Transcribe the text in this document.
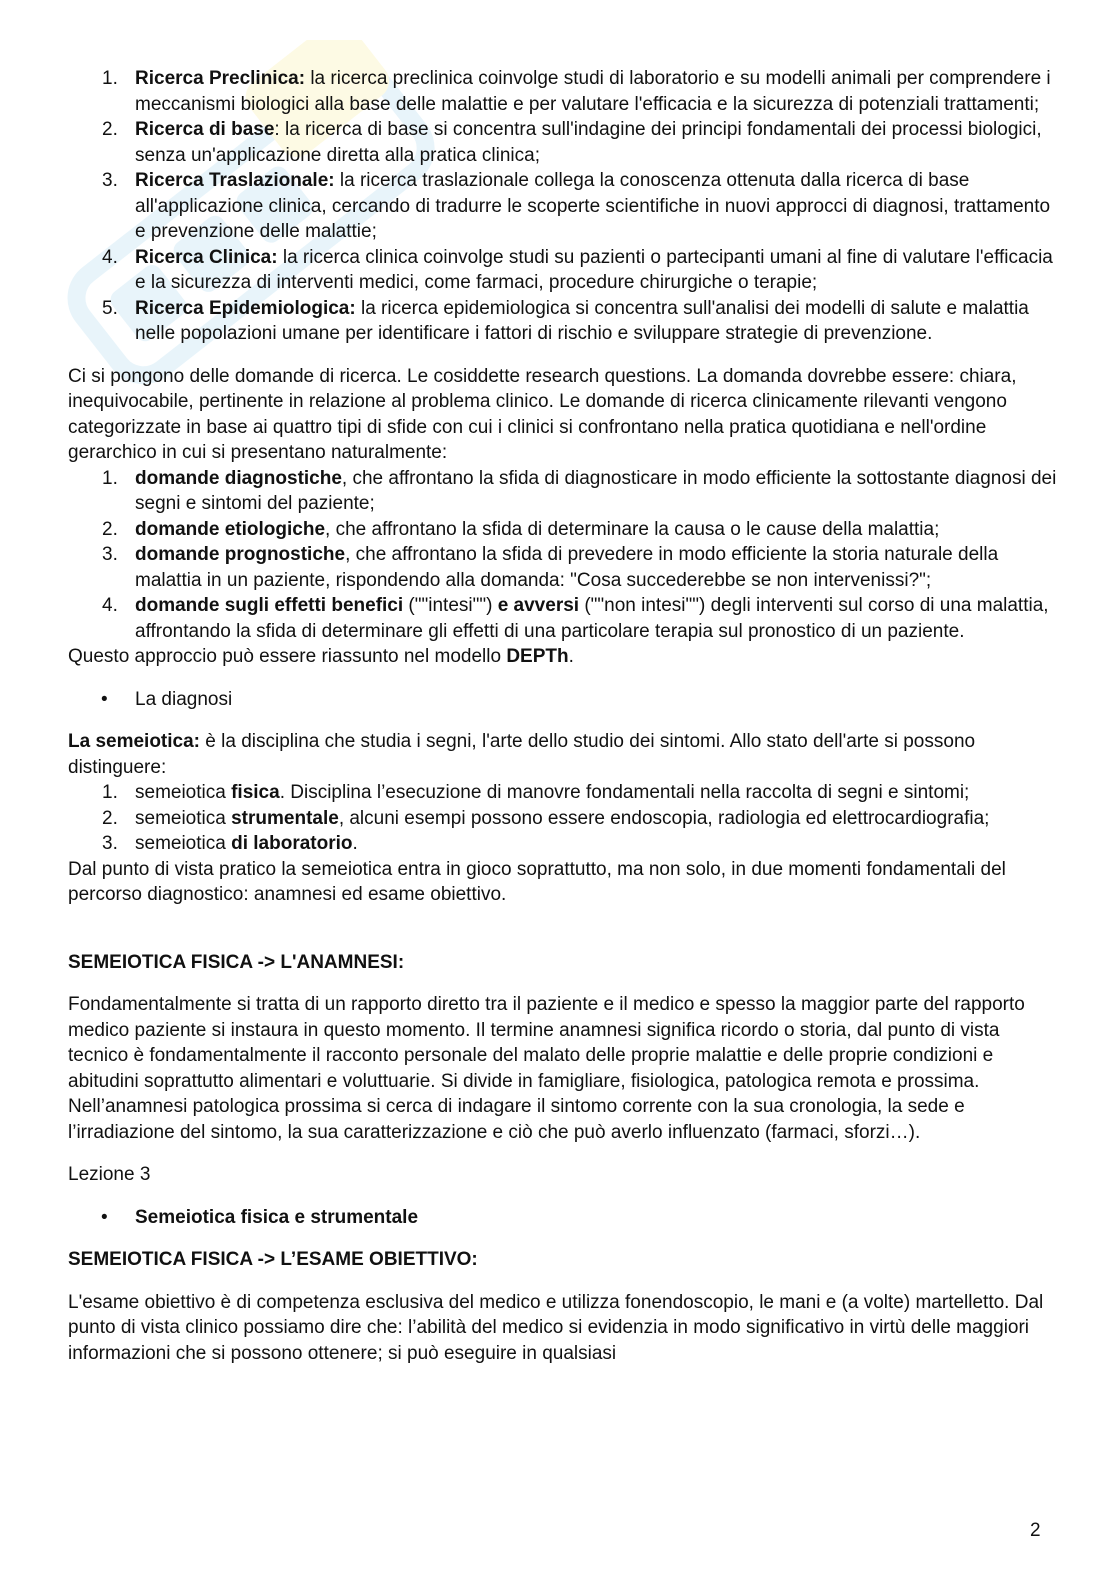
1. Ricerca Preclinica: la ricerca preclinica coinvolge studi di laboratorio e su modelli animali per comprendere i meccanismi biologici alla base delle malattie e per valutare l'efficacia e la sicurezza di potenziali trattamenti;
2. Ricerca di base: la ricerca di base si concentra sull'indagine dei principi fondamentali dei processi biologici, senza un'applicazione diretta alla pratica clinica;
3. Ricerca Traslazionale: la ricerca traslazionale collega la conoscenza ottenuta dalla ricerca di base all'applicazione clinica, cercando di tradurre le scoperte scientifiche in nuovi approcci di diagnosi, trattamento e prevenzione delle malattie;
4. Ricerca Clinica: la ricerca clinica coinvolge studi su pazienti o partecipanti umani al fine di valutare l'efficacia e la sicurezza di interventi medici, come farmaci, procedure chirurgiche o terapie;
5. Ricerca Epidemiologica: la ricerca epidemiologica si concentra sull'analisi dei modelli di salute e malattia nelle popolazioni umane per identificare i fattori di rischio e sviluppare strategie di prevenzione.

Ci si pongono delle domande di ricerca. Le cosiddette research questions. La domanda dovrebbe essere: chiara, inequivocabile, pertinente in relazione al problema clinico. Le domande di ricerca clinicamente rilevanti vengono categorizzate in base ai quattro tipi di sfide con cui i clinici si confrontano nella pratica quotidiana e nell'ordine gerarchico in cui si presentano naturalmente:

1. domande diagnostiche, che affrontano la sfida di diagnosticare in modo efficiente la sottostante diagnosi dei segni e sintomi del paziente;
2. domande etiologiche, che affrontano la sfida di determinare la causa o le cause della malattia;
3. domande prognostiche, che affrontano la sfida di prevedere in modo efficiente la storia naturale della malattia in un paziente, rispondendo alla domanda: "Cosa succederebbe se non intervenissi?";
4. domande sugli effetti benefici (""intesi"") e avversi (""non intesi"") degli interventi sul corso di una malattia, affrontando la sfida di determinare gli effetti di una particolare terapia sul pronostico di un paziente.

Questo approccio può essere riassunto nel modello DEPTh.

• La diagnosi

La semeiotica: è la disciplina che studia i segni, l'arte dello studio dei sintomi. Allo stato dell'arte si possono distinguere:

1. semeiotica fisica. Disciplina l’esecuzione di manovre fondamentali nella raccolta di segni e sintomi;
2. semeiotica strumentale, alcuni esempi possono essere endoscopia, radiologia ed elettrocardiografia;
3. semeiotica di laboratorio.

Dal punto di vista pratico la semeiotica entra in gioco soprattutto, ma non solo, in due momenti fondamentali del percorso diagnostico: anamnesi ed esame obiettivo.

SEMEIOTICA FISICA -> L'ANAMNESI:

Fondamentalmente si tratta di un rapporto diretto tra il paziente e il medico e spesso la maggior parte del rapporto medico paziente si instaura in questo momento. Il termine anamnesi significa ricordo o storia, dal punto di vista tecnico è fondamentalmente il racconto personale del malato delle proprie malattie e delle proprie condizioni e abitudini soprattutto alimentari e voluttuarie. Si divide in famigliare, fisiologica, patologica remota e prossima. Nell’anamnesi patologica prossima si cerca di indagare il sintomo corrente con la sua cronologia, la sede e l’irradiazione del sintomo, la sua caratterizzazione e ciò che può averlo influenzato (farmaci, sforzi…).

Lezione 3

• Semeiotica fisica e strumentale

SEMEIOTICA FISICA -> L’ESAME OBIETTIVO:

L'esame obiettivo è di competenza esclusiva del medico e utilizza fonendoscopio, le mani e (a volte) martelletto. Dal punto di vista clinico possiamo dire che: l’abilità del medico si evidenzia in modo significativo in virtù delle maggiori informazioni che si possono ottenere; si può eseguire in qualsiasi

2
